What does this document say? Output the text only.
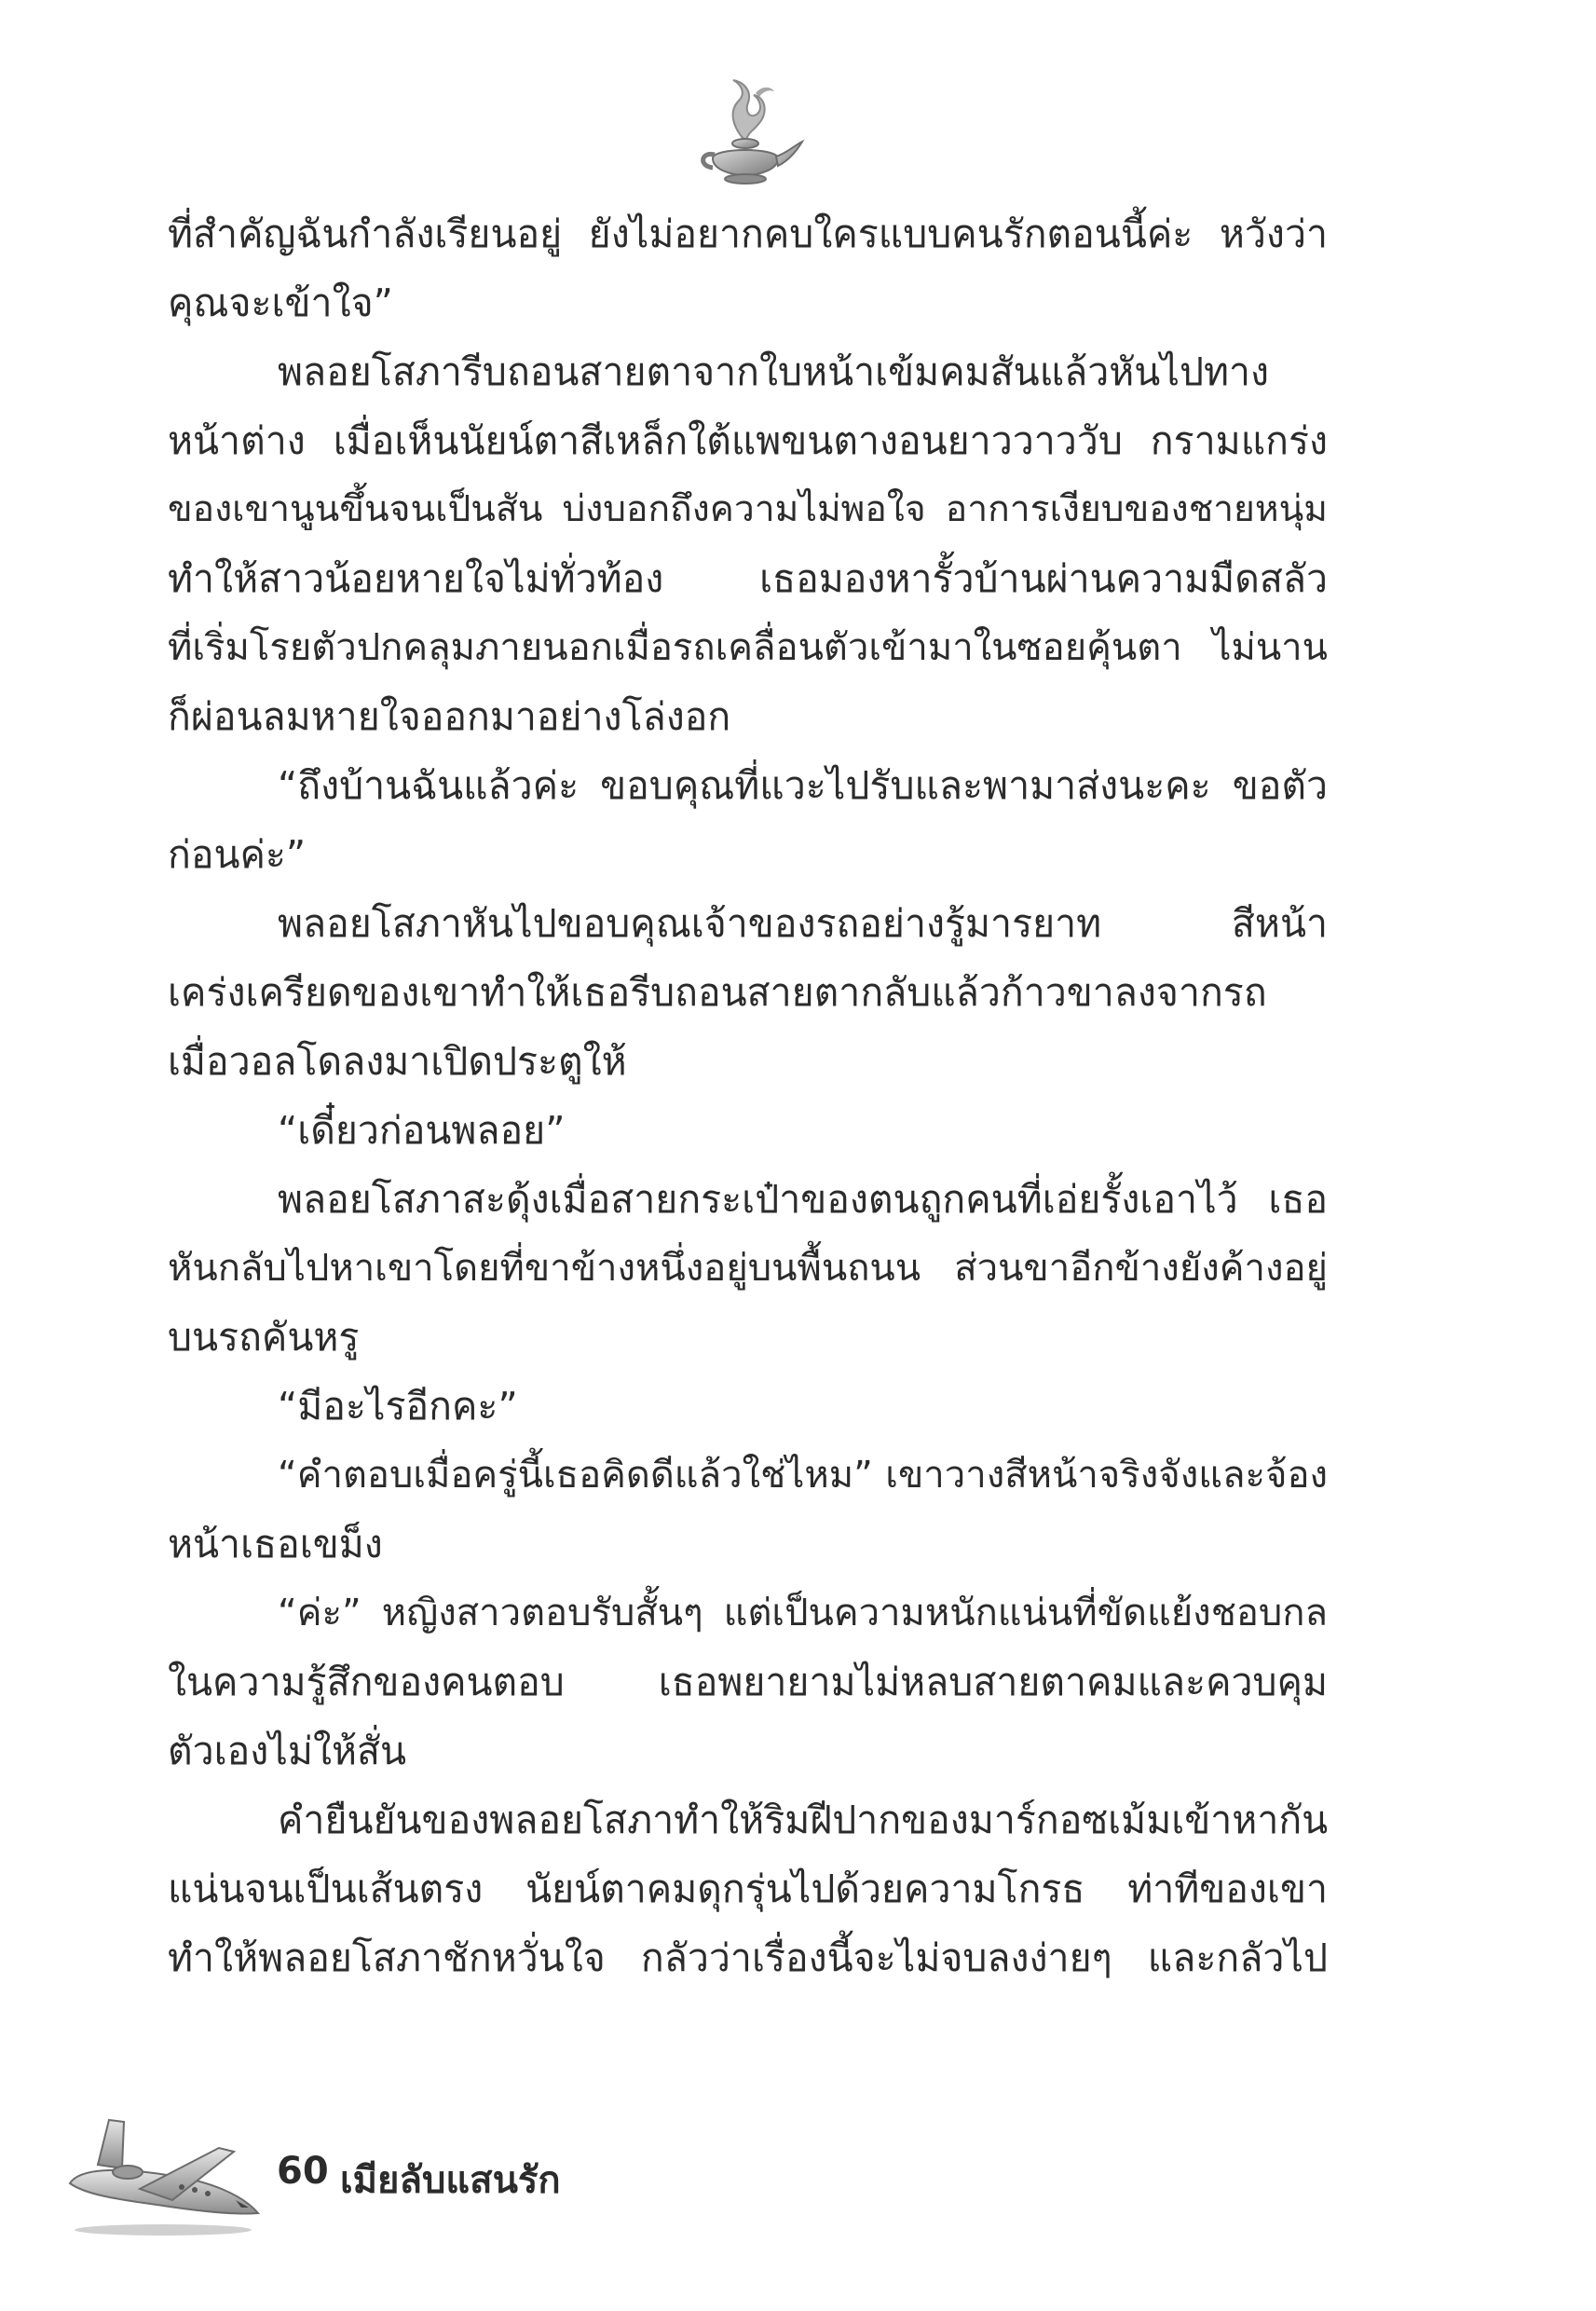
ที่สำคัญฉันกำลังเรียนอยู่ ยังไม่อยากคบใครแบบคนรักตอนนี้ค่ะ หวังว่า
คุณจะเข้าใจ”
พลอยโสภารีบถอนสายตาจากใบหน้าเข้มคมสันแล้วหันไปทาง
หน้าต่าง เมื่อเห็นนัยน์ตาสีเหล็กใต้แพขนตางอนยาววาววับ กรามแกร่ง
ของเขานูนขึ้นจนเป็นสัน บ่งบอกถึงความไม่พอใจ อาการเงียบของชายหนุ่ม
ทำให้สาวน้อยหายใจไม่ทั่วท้อง เธอมองหารั้วบ้านผ่านความมืดสลัว
ที่เริ่มโรยตัวปกคลุมภายนอกเมื่อรถเคลื่อนตัวเข้ามาในซอยคุ้นตา ไม่นาน
ก็ผ่อนลมหายใจออกมาอย่างโล่งอก
“ถึงบ้านฉันแล้วค่ะ ขอบคุณที่แวะไปรับและพามาส่งนะคะ ขอตัว
ก่อนค่ะ”
พลอยโสภาหันไปขอบคุณเจ้าของรถอย่างรู้มารยาท สีหน้า
เคร่งเครียดของเขาทำให้เธอรีบถอนสายตากลับแล้วก้าวขาลงจากรถ
เมื่อวอลโดลงมาเปิดประตูให้
“เดี๋ยวก่อนพลอย”
พลอยโสภาสะดุ้งเมื่อสายกระเป๋าของตนถูกคนที่เอ่ยรั้งเอาไว้ เธอ
หันกลับไปหาเขาโดยที่ขาข้างหนึ่งอยู่บนพื้นถนน ส่วนขาอีกข้างยังค้างอยู่
บนรถคันหรู
“มีอะไรอีกคะ”
“คำตอบเมื่อครู่นี้เธอคิดดีแล้วใช่ไหม” เขาวางสีหน้าจริงจังและจ้อง
หน้าเธอเขม็ง
“ค่ะ” หญิงสาวตอบรับสั้นๆ แต่เป็นความหนักแน่นที่ขัดแย้งชอบกล
ในความรู้สึกของคนตอบ เธอพยายามไม่หลบสายตาคมและควบคุม
ตัวเองไม่ให้สั่น
คำยืนยันของพลอยโสภาทำให้ริมฝีปากของมาร์กอซเม้มเข้าหากัน
แน่นจนเป็นเส้นตรง นัยน์ตาคมดุกรุ่นไปด้วยความโกรธ ท่าทีของเขา
ทำให้พลอยโสภาชักหวั่นใจ กลัวว่าเรื่องนี้จะไม่จบลงง่ายๆ และกลัวไป
60 เมียลับแสนรัก
